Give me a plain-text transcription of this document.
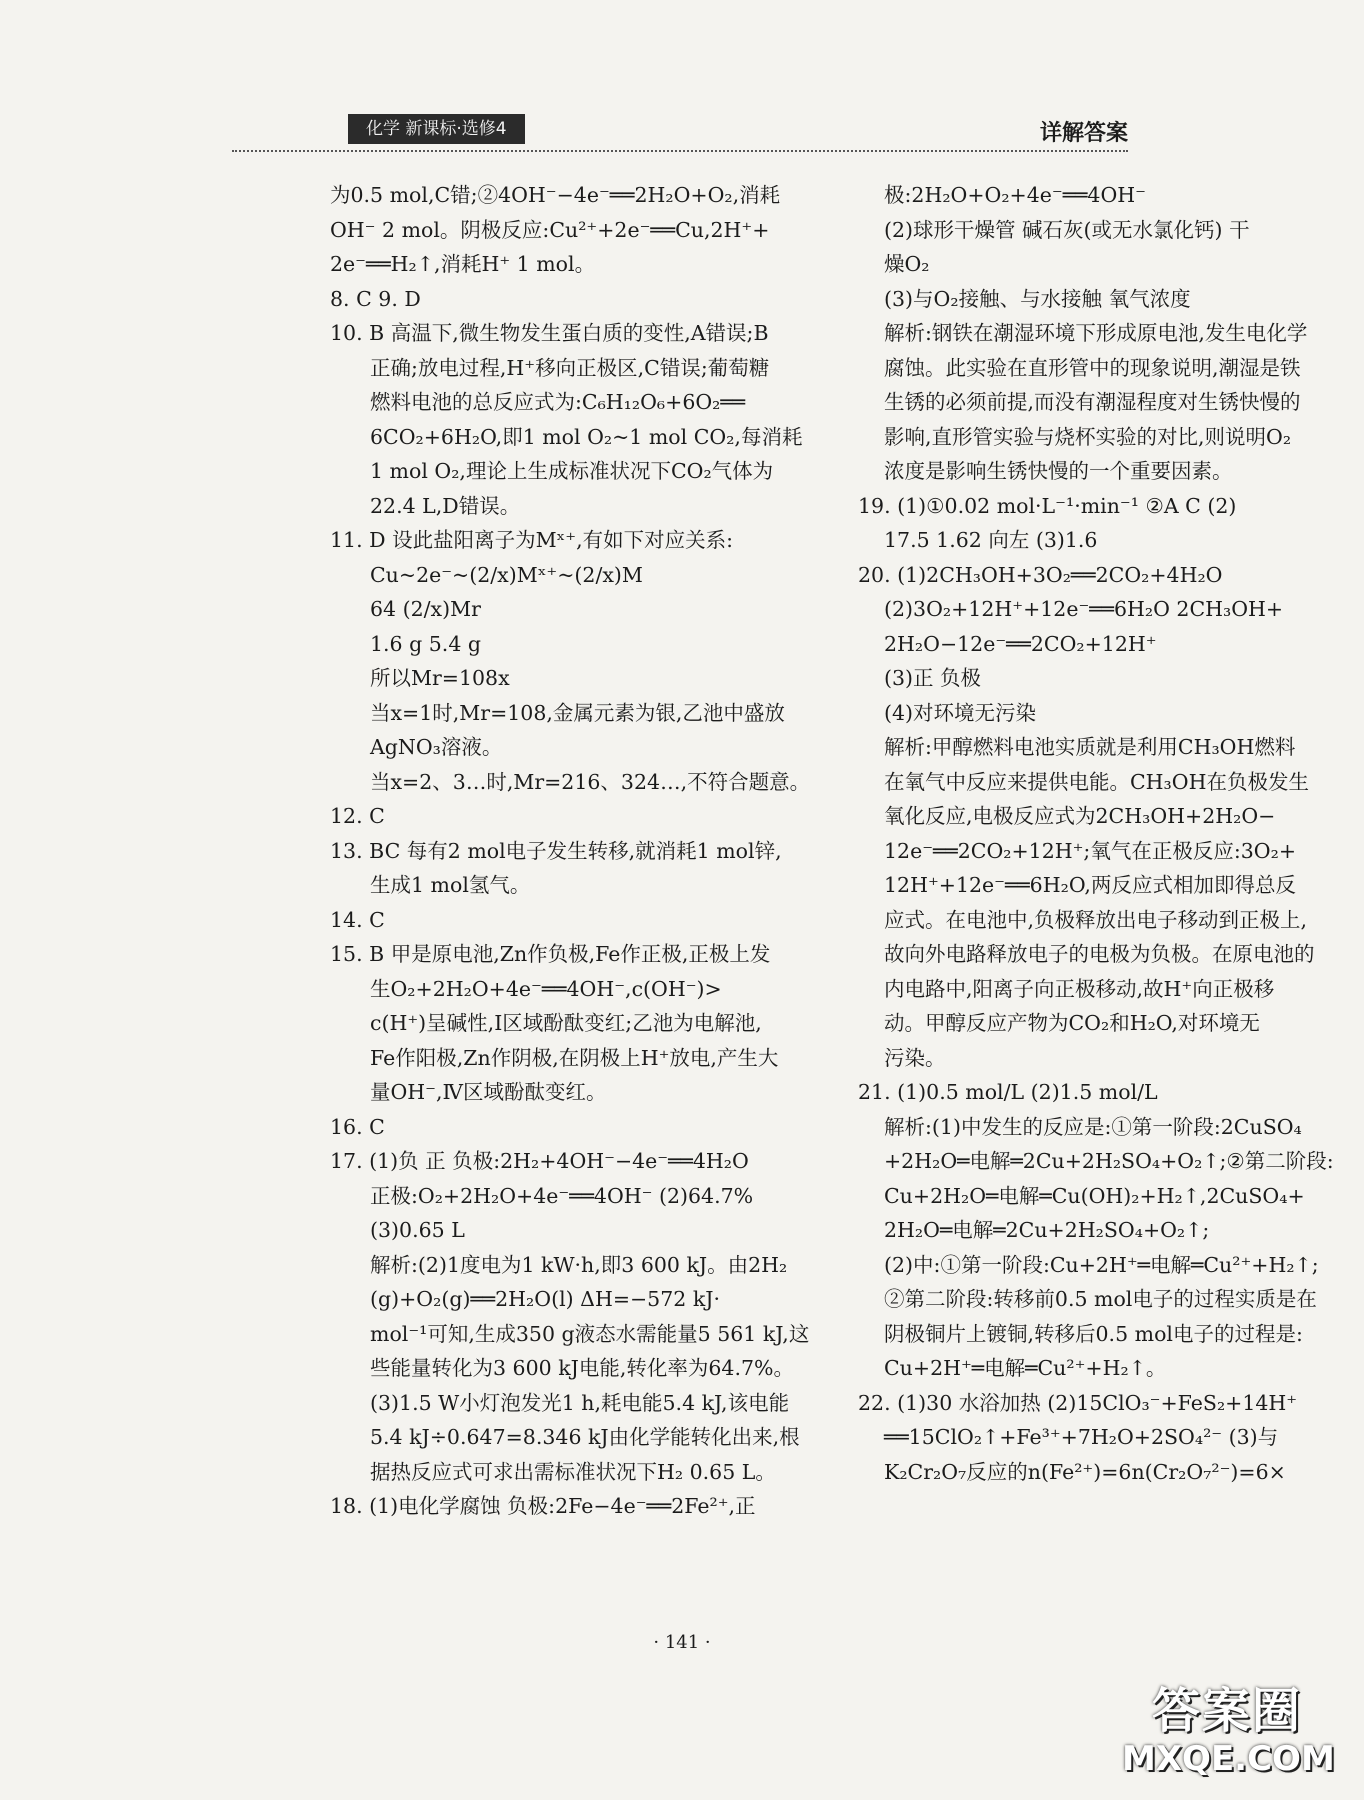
化学 新课标·选修4	详解答案
为0.5 mol,C错;②4OH⁻−4e⁻══2H₂O+O₂,消耗
OH⁻ 2 mol。阴极反应:Cu²⁺+2e⁻══Cu,2H⁺+
2e⁻══H₂↑,消耗H⁺ 1 mol。
8. C 9. D
10. B 高温下,微生物发生蛋白质的变性,A错误;B
正确;放电过程,H⁺移向正极区,C错误;葡萄糖
燃料电池的总反应式为:C₆H₁₂O₆+6O₂══
6CO₂+6H₂O,即1 mol O₂~1 mol CO₂,每消耗
1 mol O₂,理论上生成标准状况下CO₂气体为
22.4 L,D错误。
11. D 设此盐阳离子为Mˣ⁺,有如下对应关系:
Cu~2e⁻~(2/x)Mˣ⁺~(2/x)M
64 (2/x)Mr
1.6 g 5.4 g
所以Mr=108x
当x=1时,Mr=108,金属元素为银,乙池中盛放
AgNO₃溶液。
当x=2、3…时,Mr=216、324…,不符合题意。
12. C
13. BC 每有2 mol电子发生转移,就消耗1 mol锌,
生成1 mol氢气。
14. C
15. B 甲是原电池,Zn作负极,Fe作正极,正极上发
生O₂+2H₂O+4e⁻══4OH⁻,c(OH⁻)>
c(H⁺)呈碱性,Ⅰ区域酚酞变红;乙池为电解池,
Fe作阳极,Zn作阴极,在阴极上H⁺放电,产生大
量OH⁻,Ⅳ区域酚酞变红。
16. C
17. (1)负 正 负极:2H₂+4OH⁻−4e⁻══4H₂O
正极:O₂+2H₂O+4e⁻══4OH⁻ (2)64.7%
(3)0.65 L
解析:(2)1度电为1 kW·h,即3 600 kJ。由2H₂
(g)+O₂(g)══2H₂O(l) ΔH=−572 kJ·
mol⁻¹可知,生成350 g液态水需能量5 561 kJ,这
些能量转化为3 600 kJ电能,转化率为64.7%。
(3)1.5 W小灯泡发光1 h,耗电能5.4 kJ,该电能
5.4 kJ÷0.647=8.346 kJ由化学能转化出来,根
据热反应式可求出需标准状况下H₂ 0.65 L。
18. (1)电化学腐蚀 负极:2Fe−4e⁻══2Fe²⁺,正
极:2H₂O+O₂+4e⁻══4OH⁻
(2)球形干燥管 碱石灰(或无水氯化钙) 干
燥O₂
(3)与O₂接触、与水接触 氧气浓度
解析:钢铁在潮湿环境下形成原电池,发生电化学
腐蚀。此实验在直形管中的现象说明,潮湿是铁
生锈的必须前提,而没有潮湿程度对生锈快慢的
影响,直形管实验与烧杯实验的对比,则说明O₂
浓度是影响生锈快慢的一个重要因素。
19. (1)①0.02 mol·L⁻¹·min⁻¹ ②A C (2)
17.5 1.62 向左 (3)1.6
20. (1)2CH₃OH+3O₂══2CO₂+4H₂O
(2)3O₂+12H⁺+12e⁻══6H₂O 2CH₃OH+
2H₂O−12e⁻══2CO₂+12H⁺
(3)正 负极
(4)对环境无污染
解析:甲醇燃料电池实质就是利用CH₃OH燃料
在氧气中反应来提供电能。CH₃OH在负极发生
氧化反应,电极反应式为2CH₃OH+2H₂O−
12e⁻══2CO₂+12H⁺;氧气在正极反应:3O₂+
12H⁺+12e⁻══6H₂O,两反应式相加即得总反
应式。在电池中,负极释放出电子移动到正极上,
故向外电路释放电子的电极为负极。在原电池的
内电路中,阳离子向正极移动,故H⁺向正极移
动。甲醇反应产物为CO₂和H₂O,对环境无
污染。
21. (1)0.5 mol/L (2)1.5 mol/L
解析:(1)中发生的反应是:①第一阶段:2CuSO₄
+2H₂O═电解═2Cu+2H₂SO₄+O₂↑;②第二阶段:
Cu+2H₂O═电解═Cu(OH)₂+H₂↑,2CuSO₄+
2H₂O═电解═2Cu+2H₂SO₄+O₂↑;
(2)中:①第一阶段:Cu+2H⁺═电解═Cu²⁺+H₂↑;
②第二阶段:转移前0.5 mol电子的过程实质是在
阴极铜片上镀铜,转移后0.5 mol电子的过程是:
Cu+2H⁺═电解═Cu²⁺+H₂↑。
22. (1)30 水浴加热 (2)15ClO₃⁻+FeS₂+14H⁺
══15ClO₂↑+Fe³⁺+7H₂O+2SO₄²⁻ (3)与
K₂Cr₂O₇反应的n(Fe²⁺)=6n(Cr₂O₇²⁻)=6×
· 141 ·
答案圈
MXQE.COM
